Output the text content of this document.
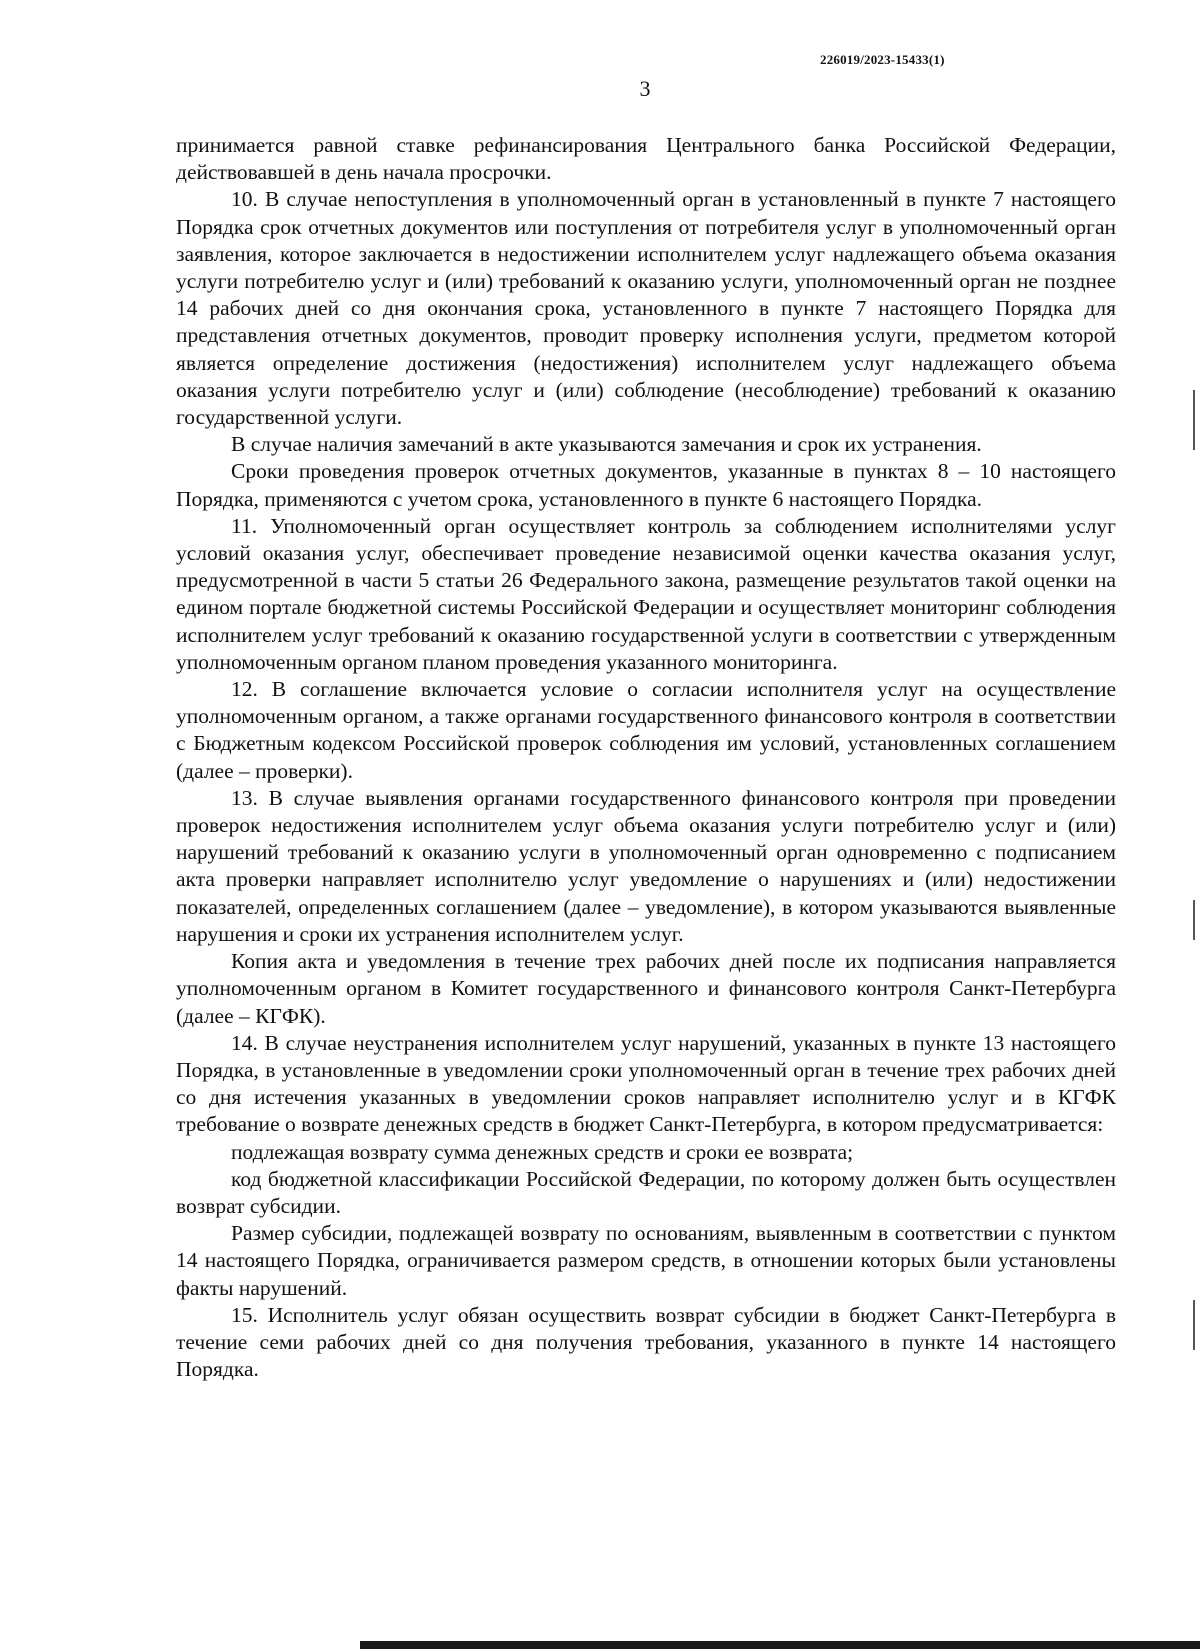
226019/2023-15433(1)
3

принимается равной ставке рефинансирования Центрального банка Российской Федерации, действовавшей в день начала просрочки.

10. В случае непоступления в уполномоченный орган в установленный в пункте 7 настоящего Порядка срок отчетных документов или поступления от потребителя услуг в уполномоченный орган заявления, которое заключается в недостижении исполнителем услуг надлежащего объема оказания услуги потребителю услуг и (или) требований к оказанию услуги, уполномоченный орган не позднее 14 рабочих дней со дня окончания срока, установленного в пункте 7 настоящего Порядка для представления отчетных документов, проводит проверку исполнения услуги, предметом которой является определение достижения (недостижения) исполнителем услуг надлежащего объема оказания услуги потребителю услуг и (или) соблюдение (несоблюдение) требований к оказанию государственной услуги.

В случае наличия замечаний в акте указываются замечания и срок их устранения.

Сроки проведения проверок отчетных документов, указанные в пунктах 8 – 10 настоящего Порядка, применяются с учетом срока, установленного в пункте 6 настоящего Порядка.

11. Уполномоченный орган осуществляет контроль за соблюдением исполнителями услуг условий оказания услуг, обеспечивает проведение независимой оценки качества оказания услуг, предусмотренной в части 5 статьи 26 Федерального закона, размещение результатов такой оценки на едином портале бюджетной системы Российской Федерации и осуществляет мониторинг соблюдения исполнителем услуг требований к оказанию государственной услуги в соответствии с утвержденным уполномоченным органом планом проведения указанного мониторинга.

12. В соглашение включается условие о согласии исполнителя услуг на осуществление уполномоченным органом, а также органами государственного финансового контроля в соответствии с Бюджетным кодексом Российской проверок соблюдения им условий, установленных соглашением (далее – проверки).

13. В случае выявления органами государственного финансового контроля при проведении проверок недостижения исполнителем услуг объема оказания услуги потребителю услуг и (или) нарушений требований к оказанию услуги в уполномоченный орган одновременно с подписанием акта проверки направляет исполнителю услуг уведомление о нарушениях и (или) недостижении показателей, определенных соглашением (далее – уведомление), в котором указываются выявленные нарушения и сроки их устранения исполнителем услуг.

Копия акта и уведомления в течение трех рабочих дней после их подписания направляется уполномоченным органом в Комитет государственного и финансового контроля Санкт-Петербурга (далее – КГФК).

14. В случае неустранения исполнителем услуг нарушений, указанных в пункте 13 настоящего Порядка, в установленные в уведомлении сроки уполномоченный орган в течение трех рабочих дней со дня истечения указанных в уведомлении сроков направляет исполнителю услуг и в КГФК требование о возврате денежных средств в бюджет Санкт-Петербурга, в котором предусматривается:

подлежащая возврату сумма денежных средств и сроки ее возврата;

код бюджетной классификации Российской Федерации, по которому должен быть осуществлен возврат субсидии.

Размер субсидии, подлежащей возврату по основаниям, выявленным в соответствии с пунктом 14 настоящего Порядка, ограничивается размером средств, в отношении которых были установлены факты нарушений.

15. Исполнитель услуг обязан осуществить возврат субсидии в бюджет Санкт-Петербурга в течение семи рабочих дней со дня получения требования, указанного в пункте 14 настоящего Порядка.
